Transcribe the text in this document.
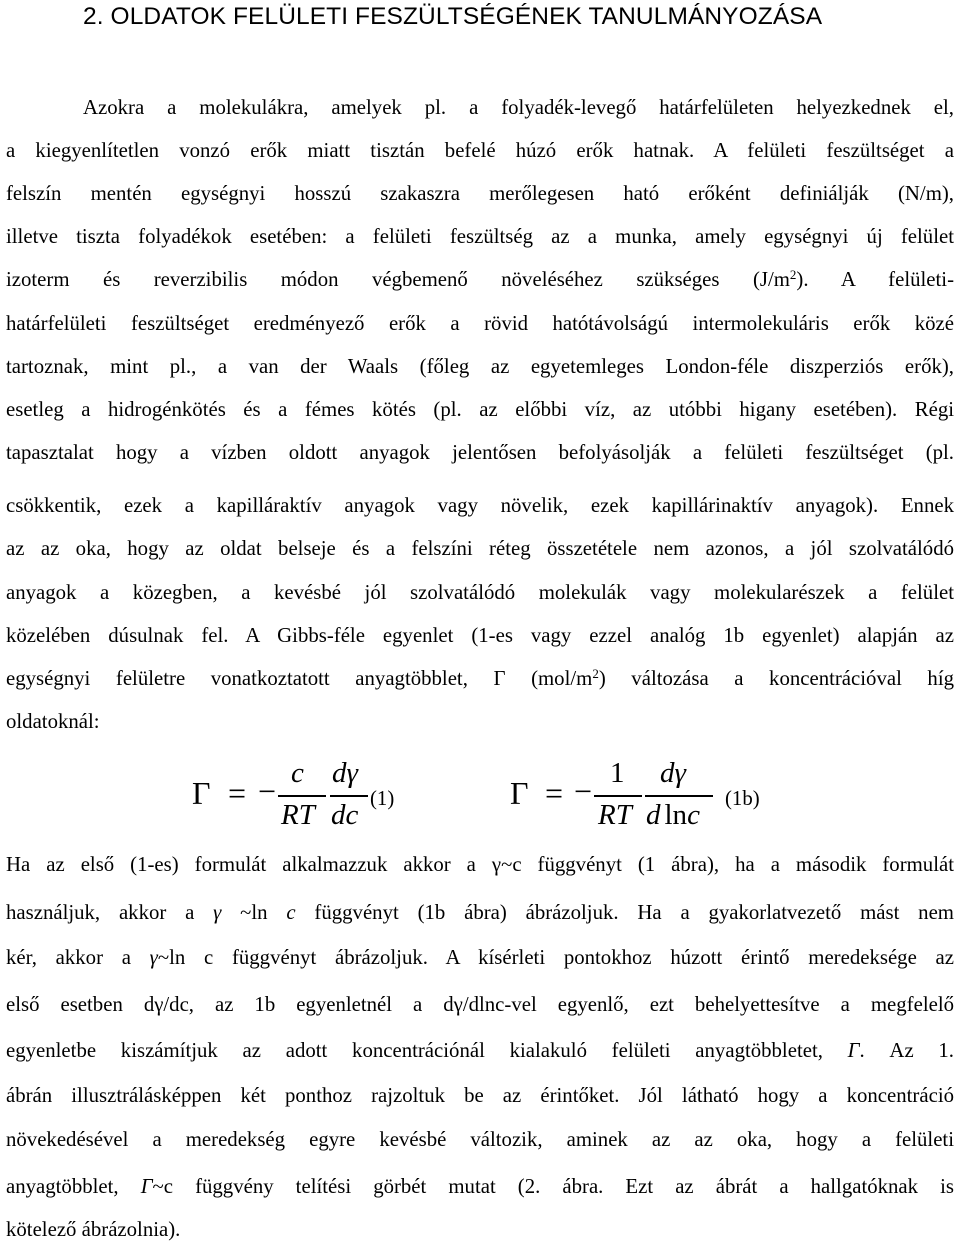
2. OLDATOK FELÜLETI FESZÜLTSÉGÉNEK TANULMÁNYOZÁSA
Azokra a molekulákra, amelyek pl. a folyadék-levegő határfelületen helyezkednek el,
a kiegyenlítetlen vonzó erők miatt tisztán befelé húzó erők hatnak. A felületi feszültséget a
felszín mentén egységnyi hosszú szakaszra merőlegesen ható erőként definiálják (N/m),
illetve tiszta folyadékok esetében: a felületi feszültség az a munka, amely egységnyi új felület
izoterm és reverzibilis módon végbemenő növeléséhez szükséges $(J/m^2)$. A felületi-
határfelületi feszültséget eredményező erők a rövid hatótávolságú intermolekuláris erők közé
tartoznak, mint pl., a van der Waals (főleg az egyetemleges London-féle diszperziós erők),
esetleg a hidrogénkötés és a fémes kötés (pl. az előbbi víz, az utóbbi higany esetében). Régi
tapasztalat hogy a vízben oldott anyagok jelentősen befolyásolják a felületi feszültséget (pl.
csökkentik, ezek a kapilláraktív anyagok vagy növelik, ezek kapillárinaktív anyagok). Ennek
az az oka, hogy az oldat belseje és a felszíni réteg összetétele nem azonos, a jól szolvatálódó
anyagok a közegben, a kevésbé jól szolvatálódó molekulák vagy molekularészek a felület
közelében dúsulnak fel. A Gibbs-féle egyenlet (1-es vagy ezzel analóg 1b egyenlet) alapján az
egységnyi felületre vonatkoztatott anyagtöbblet, Γ $(mol/m^2)$ változása a koncentrációval híg
oldatoknál:
Γ = − c
RT
dγ
dc
(1)	Γ = − 1
RT
dγ
d lnc
(1b)
Ha az első (1-es) formulát alkalmazzuk akkor a γ~c függvényt (1 ábra), ha a második formulát
használjuk, akkor a γ ~ln c függvényt (1b ábra) ábrázoljuk. Ha a gyakorlatvezető mást nem
kér, akkor a γ~ln c függvényt ábrázoljuk. A kísérleti pontokhoz húzott érintő meredeksége az
első esetben dγ/dc, az 1b egyenletnél a dγ/dlnc-vel egyenlő, ezt behelyettesítve a megfelelő
egyenletbe kiszámítjuk az adott koncentrációnál kialakuló felületi anyagtöbbletet, Γ. Az 1.
ábrán illusztrálásképpen két ponthoz rajzoltuk be az érintőket. Jól látható hogy a koncentráció
növekedésével a meredekség egyre kevésbé változik, aminek az az oka, hogy a felületi
anyagtöbblet, Γ~c függvény telítési görbét mutat (2. ábra. Ezt az ábrát a hallgatóknak is
kötelező ábrázolnia).
